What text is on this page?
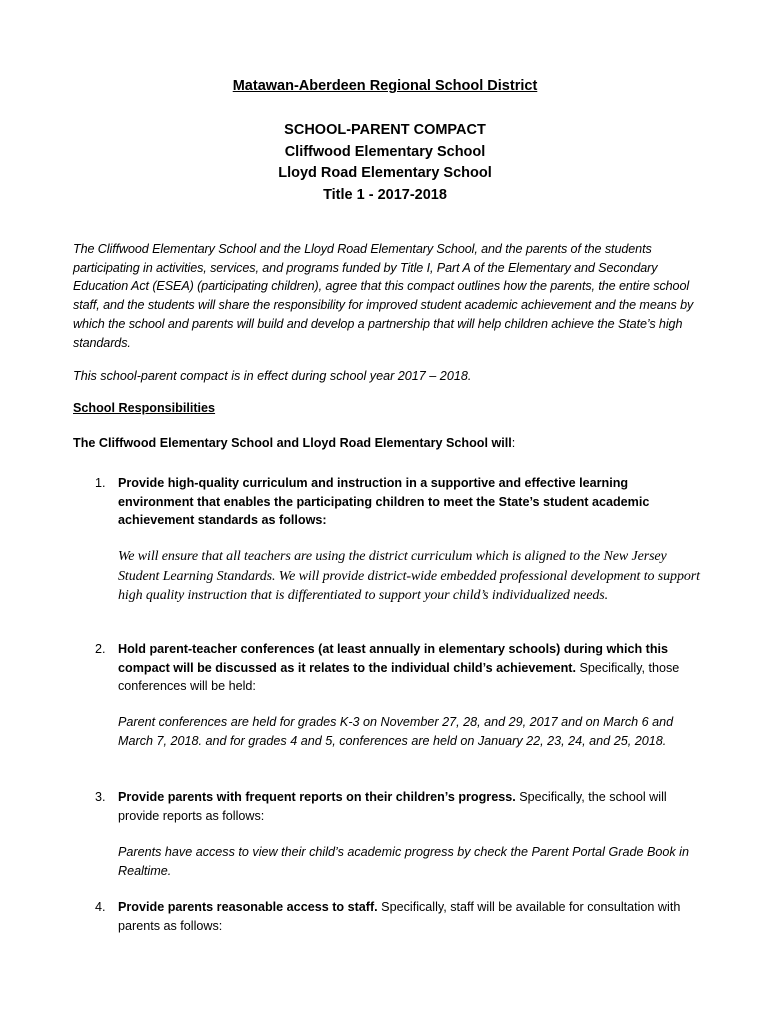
Matawan-Aberdeen Regional School District
SCHOOL-PARENT COMPACT
Cliffwood Elementary School
Lloyd Road Elementary School
Title 1 - 2017-2018

The Cliffwood Elementary School and the Lloyd Road Elementary School, and the parents of the students participating in activities, services, and programs funded by Title I, Part A of the Elementary and Secondary Education Act (ESEA) (participating children), agree that this compact outlines how the parents, the entire school staff, and the students will share the responsibility for improved student academic achievement and the means by which the school and parents will build and develop a partnership that will help children achieve the State’s high standards.

This school-parent compact is in effect during school year 2017 – 2018.

School Responsibilities
The Cliffwood Elementary School and Lloyd Road Elementary School will:
1. Provide high-quality curriculum and instruction in a supportive and effective learning environment that enables the participating children to meet the State’s student academic achievement standards as follows:
We will ensure that all teachers are using the district curriculum which is aligned to the New Jersey Student Learning Standards. We will provide district-wide embedded professional development to support high quality instruction that is differentiated to support your child’s individualized needs.
2. Hold parent-teacher conferences (at least annually in elementary schools) during which this compact will be discussed as it relates to the individual child’s achievement. Specifically, those conferences will be held:
Parent conferences are held for grades K-3 on November 27, 28, and 29, 2017 and on March 6 and March 7, 2018. and for grades 4 and 5, conferences are held on January 22, 23, 24, and 25, 2018.
3. Provide parents with frequent reports on their children’s progress. Specifically, the school will provide reports as follows:
Parents have access to view their child’s academic progress by check the Parent Portal Grade Book in Realtime.
4. Provide parents reasonable access to staff. Specifically, staff will be available for consultation with parents as follows:
